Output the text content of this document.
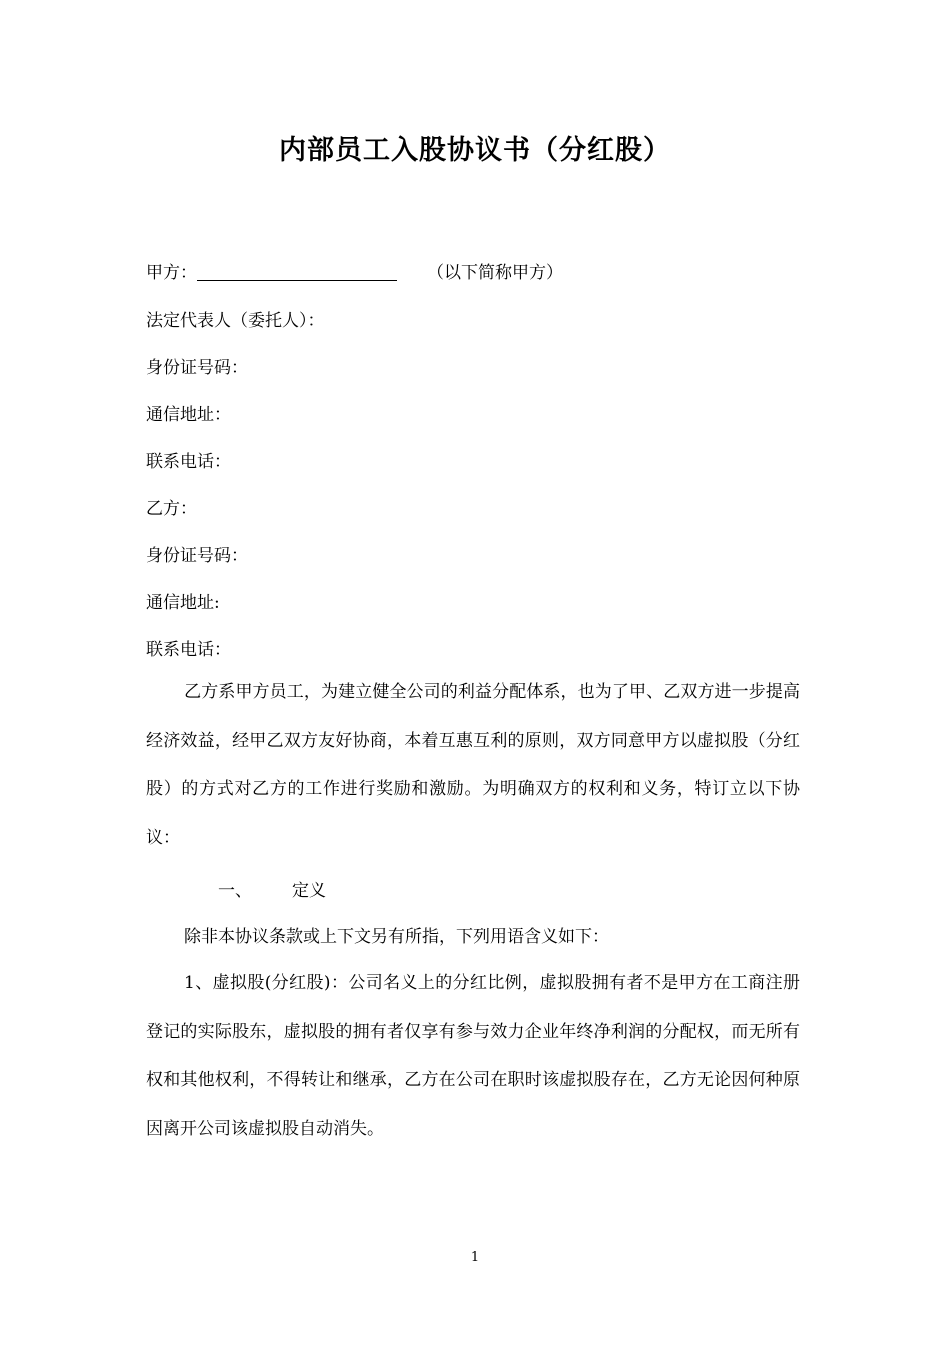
内部员工入股协议书（分红股）
甲方：	（以下简称甲方）
法定代表人（委托人）：
身份证号码：
通信地址：
联系电话：
乙方：
身份证号码：
通信地址:
联系电话：
乙方系甲方员工，为建立健全公司的利益分配体系，也为了甲、乙双方进一步提高经济效益，经甲乙双方友好协商，本着互惠互利的原则，双方同意甲方以虚拟股（分红股）的方式对乙方的工作进行奖励和激励。为明确双方的权利和义务，特订立以下协议：
一、 定义
除非本协议条款或上下文另有所指，下列用语含义如下：
1、虚拟股(分红股)：公司名义上的分红比例，虚拟股拥有者不是甲方在工商注册登记的实际股东，虚拟股的拥有者仅享有参与效力企业年终净利润的分配权，而无所有权和其他权利，不得转让和继承，乙方在公司在职时该虚拟股存在，乙方无论因何种原因离开公司该虚拟股自动消失。
1
